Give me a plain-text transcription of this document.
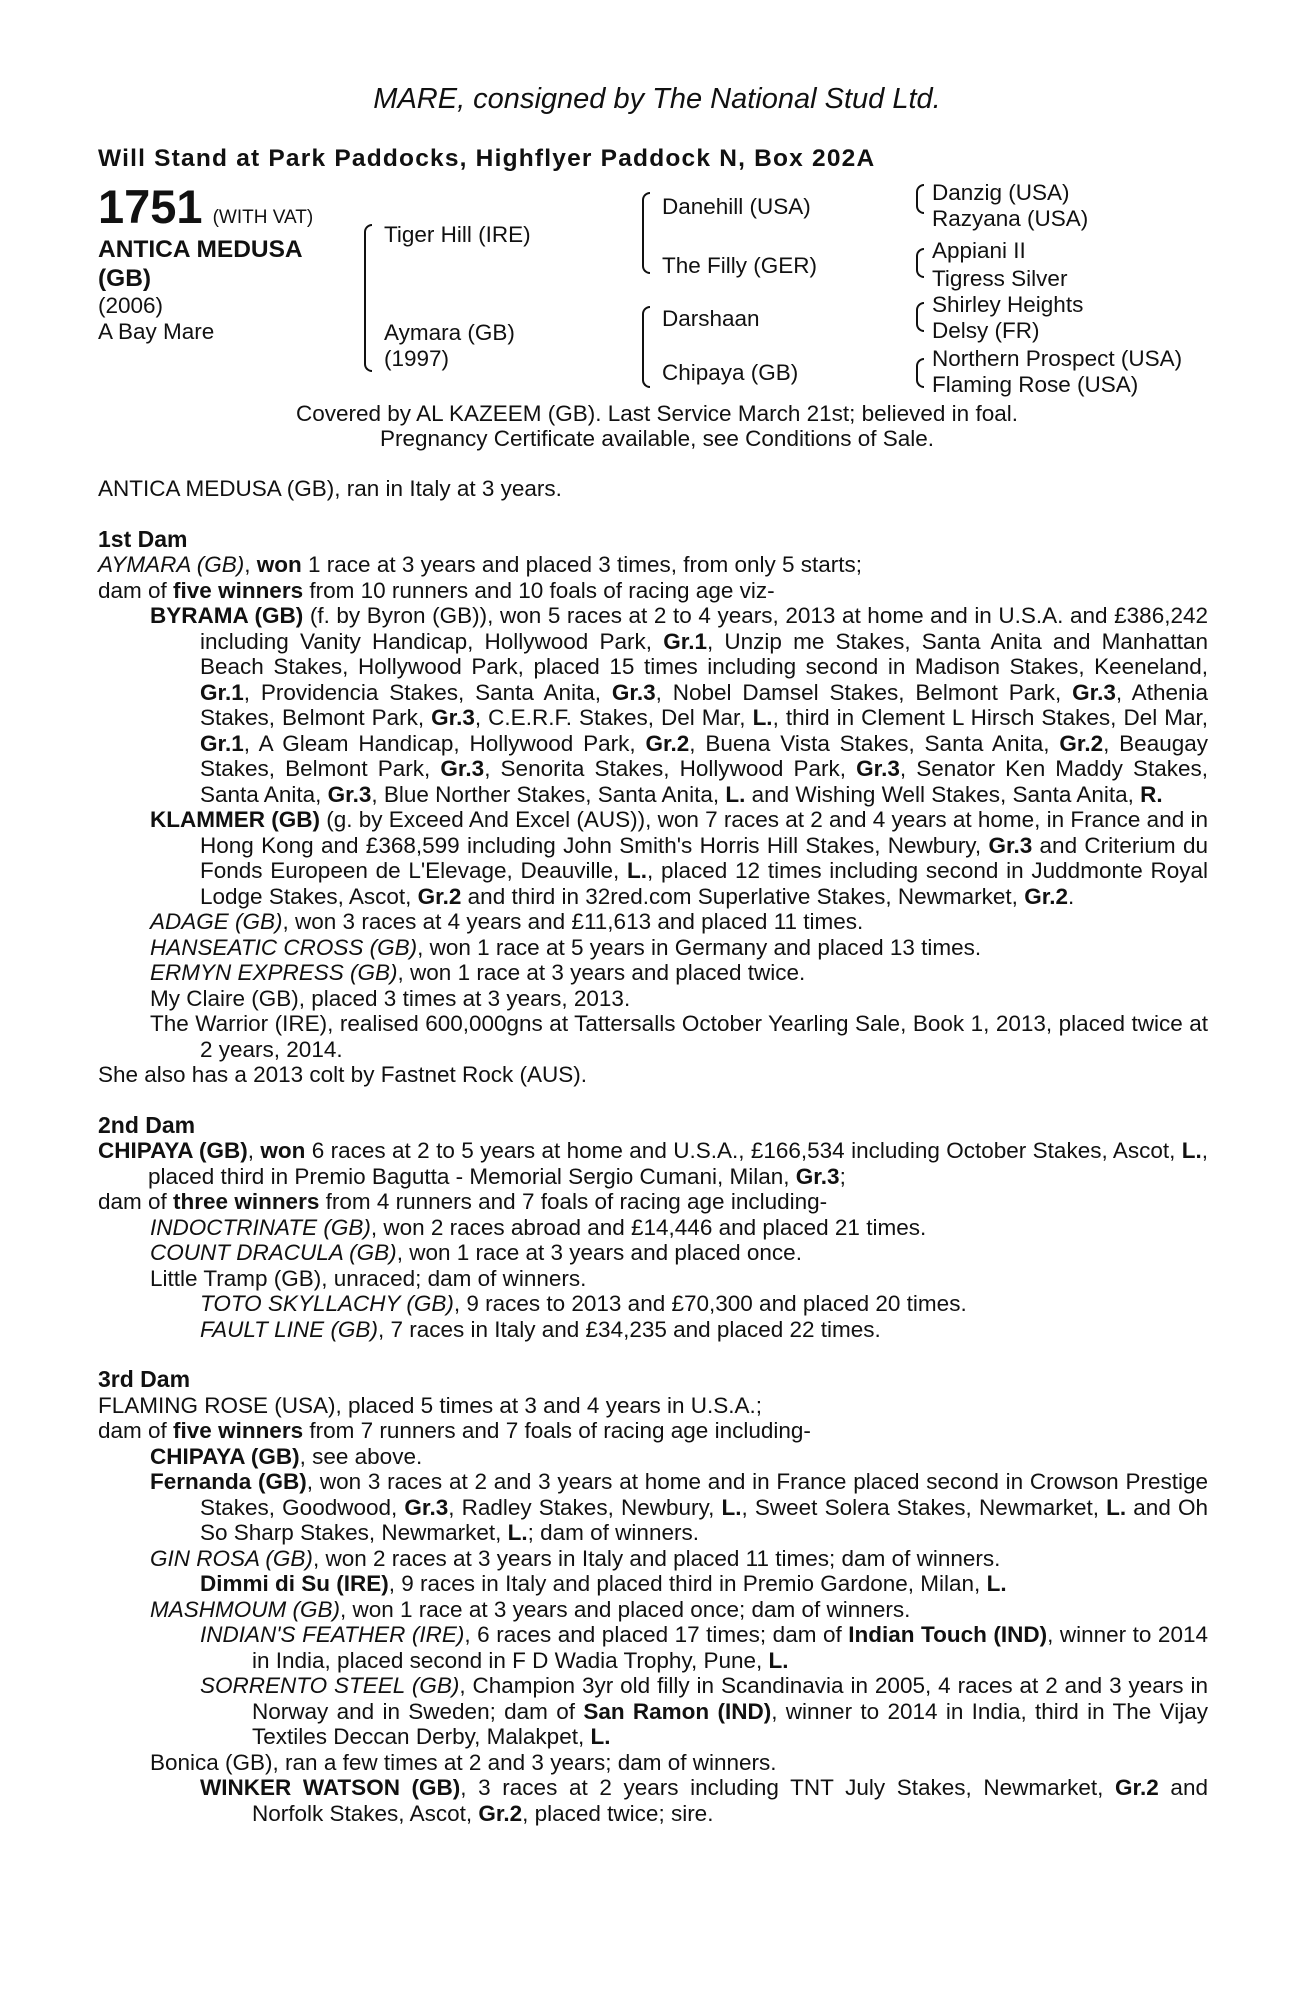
MARE, consigned by The National Stud Ltd.
Will Stand at Park Paddocks, Highflyer Paddock N, Box 202A
1751 (WITH VAT)
ANTICA MEDUSA
(GB)
(2006)
A Bay Mare
Tiger Hill (IRE)
Aymara (GB)
(1997)
Danehill (USA)
The Filly (GER)
Darshaan
Chipaya (GB)
Danzig (USA)
Razyana (USA)
Appiani II
Tigress Silver
Shirley Heights
Delsy (FR)
Northern Prospect (USA)
Flaming Rose (USA)
Covered by AL KAZEEM (GB). Last Service March 21st; believed in foal.
Pregnancy Certificate available, see Conditions of Sale.
ANTICA MEDUSA (GB), ran in Italy at 3 years.
1st Dam
AYMARA (GB), won 1 race at 3 years and placed 3 times, from only 5 starts;
dam of five winners from 10 runners and 10 foals of racing age viz-
BYRAMA (GB) (f. by Byron (GB)), won 5 races at 2 to 4 years, 2013 at home and in U.S.A. and £386,242 including Vanity Handicap, Hollywood Park, Gr.1, Unzip me Stakes, Santa Anita and Manhattan Beach Stakes, Hollywood Park, placed 15 times including second in Madison Stakes, Keeneland, Gr.1, Providencia Stakes, Santa Anita, Gr.3, Nobel Damsel Stakes, Belmont Park, Gr.3, Athenia Stakes, Belmont Park, Gr.3, C.E.R.F. Stakes, Del Mar, L., third in Clement L Hirsch Stakes, Del Mar, Gr.1, A Gleam Handicap, Hollywood Park, Gr.2, Buena Vista Stakes, Santa Anita, Gr.2, Beaugay Stakes, Belmont Park, Gr.3, Senorita Stakes, Hollywood Park, Gr.3, Senator Ken Maddy Stakes, Santa Anita, Gr.3, Blue Norther Stakes, Santa Anita, L. and Wishing Well Stakes, Santa Anita, R.
KLAMMER (GB) (g. by Exceed And Excel (AUS)), won 7 races at 2 and 4 years at home, in France and in Hong Kong and £368,599 including John Smith's Horris Hill Stakes, Newbury, Gr.3 and Criterium du Fonds Europeen de L'Elevage, Deauville, L., placed 12 times including second in Juddmonte Royal Lodge Stakes, Ascot, Gr.2 and third in 32red.com Superlative Stakes, Newmarket, Gr.2.
ADAGE (GB), won 3 races at 4 years and £11,613 and placed 11 times.
HANSEATIC CROSS (GB), won 1 race at 5 years in Germany and placed 13 times.
ERMYN EXPRESS (GB), won 1 race at 3 years and placed twice.
My Claire (GB), placed 3 times at 3 years, 2013.
The Warrior (IRE), realised 600,000gns at Tattersalls October Yearling Sale, Book 1, 2013, placed twice at 2 years, 2014.
She also has a 2013 colt by Fastnet Rock (AUS).
2nd Dam
CHIPAYA (GB), won 6 races at 2 to 5 years at home and U.S.A., £166,534 including October Stakes, Ascot, L., placed third in Premio Bagutta - Memorial Sergio Cumani, Milan, Gr.3;
dam of three winners from 4 runners and 7 foals of racing age including-
INDOCTRINATE (GB), won 2 races abroad and £14,446 and placed 21 times.
COUNT DRACULA (GB), won 1 race at 3 years and placed once.
Little Tramp (GB), unraced; dam of winners.
TOTO SKYLLACHY (GB), 9 races to 2013 and £70,300 and placed 20 times.
FAULT LINE (GB), 7 races in Italy and £34,235 and placed 22 times.
3rd Dam
FLAMING ROSE (USA), placed 5 times at 3 and 4 years in U.S.A.;
dam of five winners from 7 runners and 7 foals of racing age including-
CHIPAYA (GB), see above.
Fernanda (GB), won 3 races at 2 and 3 years at home and in France placed second in Crowson Prestige Stakes, Goodwood, Gr.3, Radley Stakes, Newbury, L., Sweet Solera Stakes, Newmarket, L. and Oh So Sharp Stakes, Newmarket, L.; dam of winners.
GIN ROSA (GB), won 2 races at 3 years in Italy and placed 11 times; dam of winners.
Dimmi di Su (IRE), 9 races in Italy and placed third in Premio Gardone, Milan, L.
MASHMOUM (GB), won 1 race at 3 years and placed once; dam of winners.
INDIAN'S FEATHER (IRE), 6 races and placed 17 times; dam of Indian Touch (IND), winner to 2014 in India, placed second in F D Wadia Trophy, Pune, L.
SORRENTO STEEL (GB), Champion 3yr old filly in Scandinavia in 2005, 4 races at 2 and 3 years in Norway and in Sweden; dam of San Ramon (IND), winner to 2014 in India, third in The Vijay Textiles Deccan Derby, Malakpet, L.
Bonica (GB), ran a few times at 2 and 3 years; dam of winners.
WINKER WATSON (GB), 3 races at 2 years including TNT July Stakes, Newmarket, Gr.2 and Norfolk Stakes, Ascot, Gr.2, placed twice; sire.
